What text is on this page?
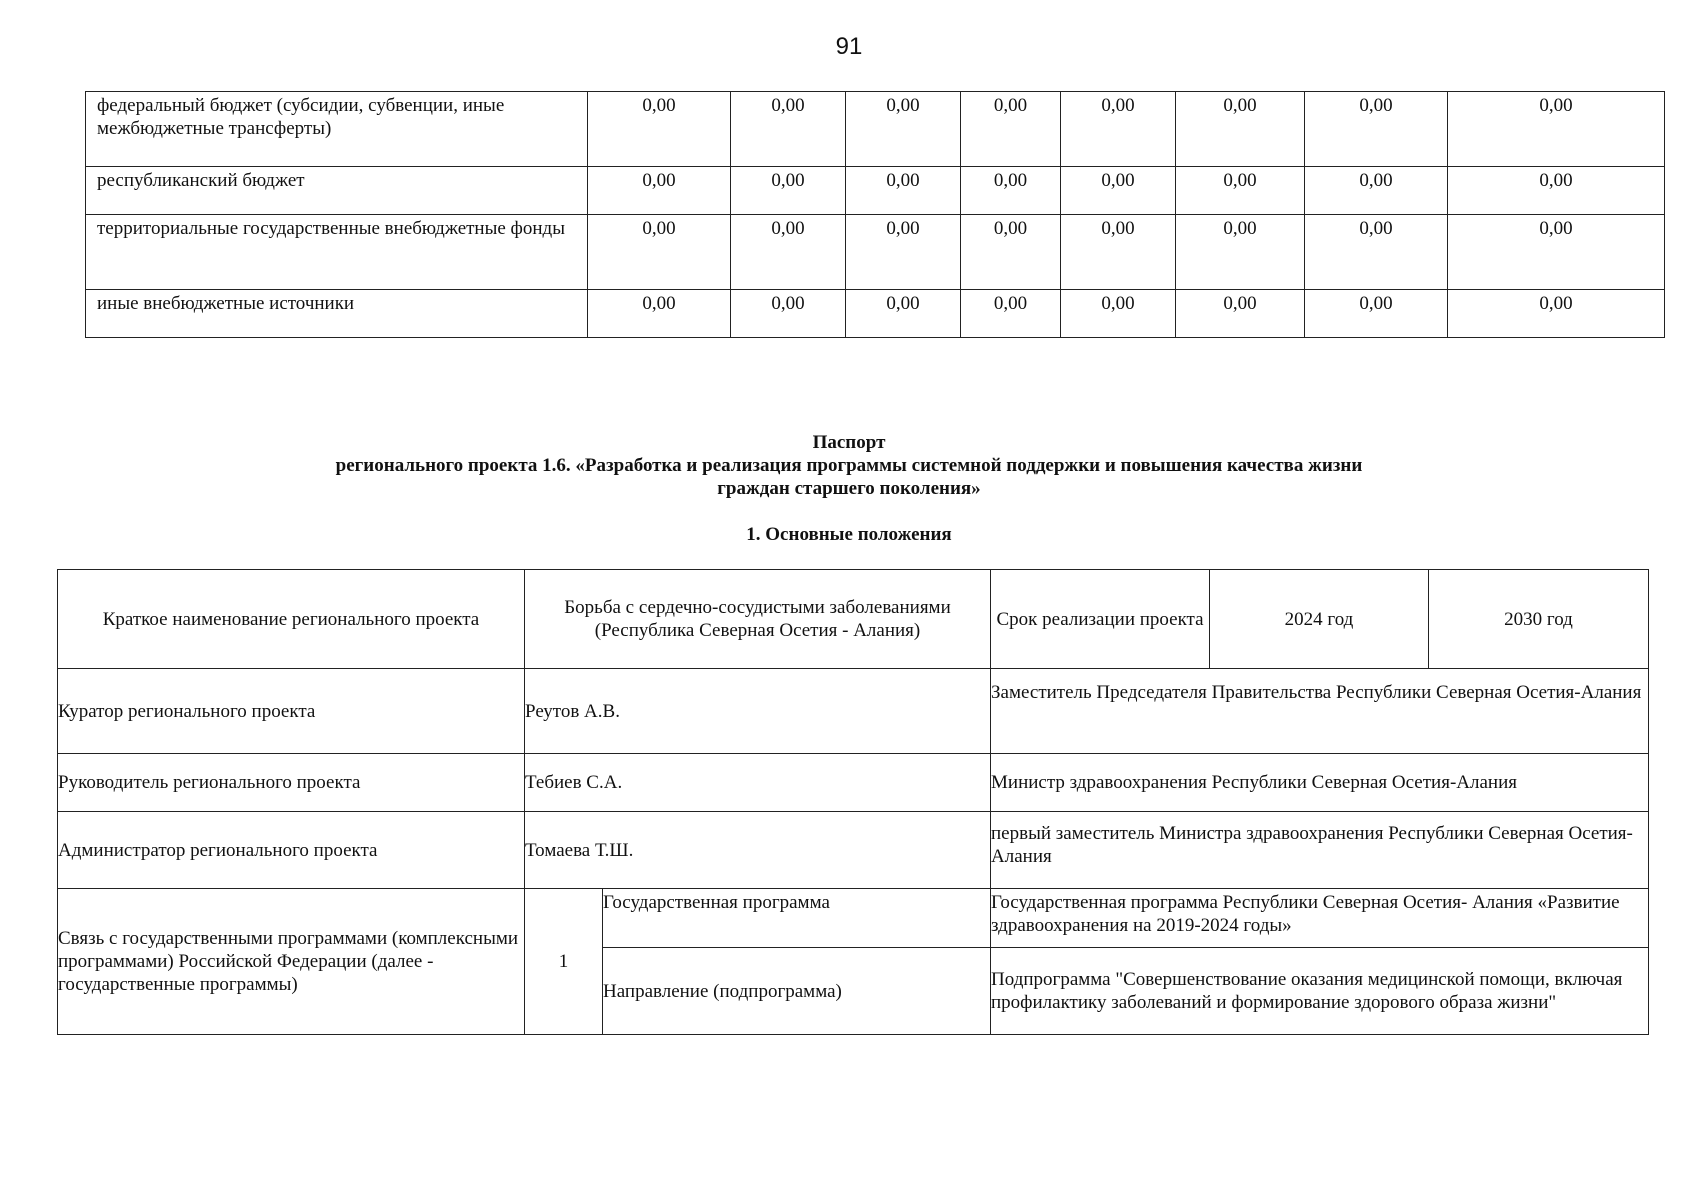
91
федеральный бюджет (субсидии, субвенции, иные межбюджетные трансферты)	0,00	0,00	0,00	0,00	0,00	0,00	0,00	0,00
республиканский бюджет	0,00	0,00	0,00	0,00	0,00	0,00	0,00	0,00
территориальные государственные внебюджетные фонды	0,00	0,00	0,00	0,00	0,00	0,00	0,00	0,00
иные внебюджетные источники	0,00	0,00	0,00	0,00	0,00	0,00	0,00	0,00
Паспорт
регионального проекта 1.6. «Разработка и реализация программы системной поддержки и повышения качества жизни
граждан старшего поколения»
1. Основные положения
Краткое наименование регионального проекта	Борьба с сердечно-сосудистыми заболеваниями (Республика Северная Осетия - Алания)		Срок реализации проекта	2024 год	2030 год
Куратор регионального проекта	Реутов А.В.		Заместитель Председателя Правительства Республики Северная Осетия-Алания		
Руководитель регионального проекта	Тебиев С.А.		Министр здравоохранения Республики Северная Осетия-Алания		
Администратор регионального проекта	Томаева Т.Ш.		первый заместитель Министра здравоохранения Республики Северная Осетия-Алания		
Связь с государственными программами (комплексными программами) Российской Федерации (далее - государственные программы)	1	Государственная программа	Государственная программа Республики Северная Осетия- Алания «Развитие здравоохранения на 2019-2024 годы»		
		Направление (подпрограмма)	Подпрограмма "Совершенствование оказания медицинской помощи, включая профилактику заболеваний и формирование здорового образа жизни"		
